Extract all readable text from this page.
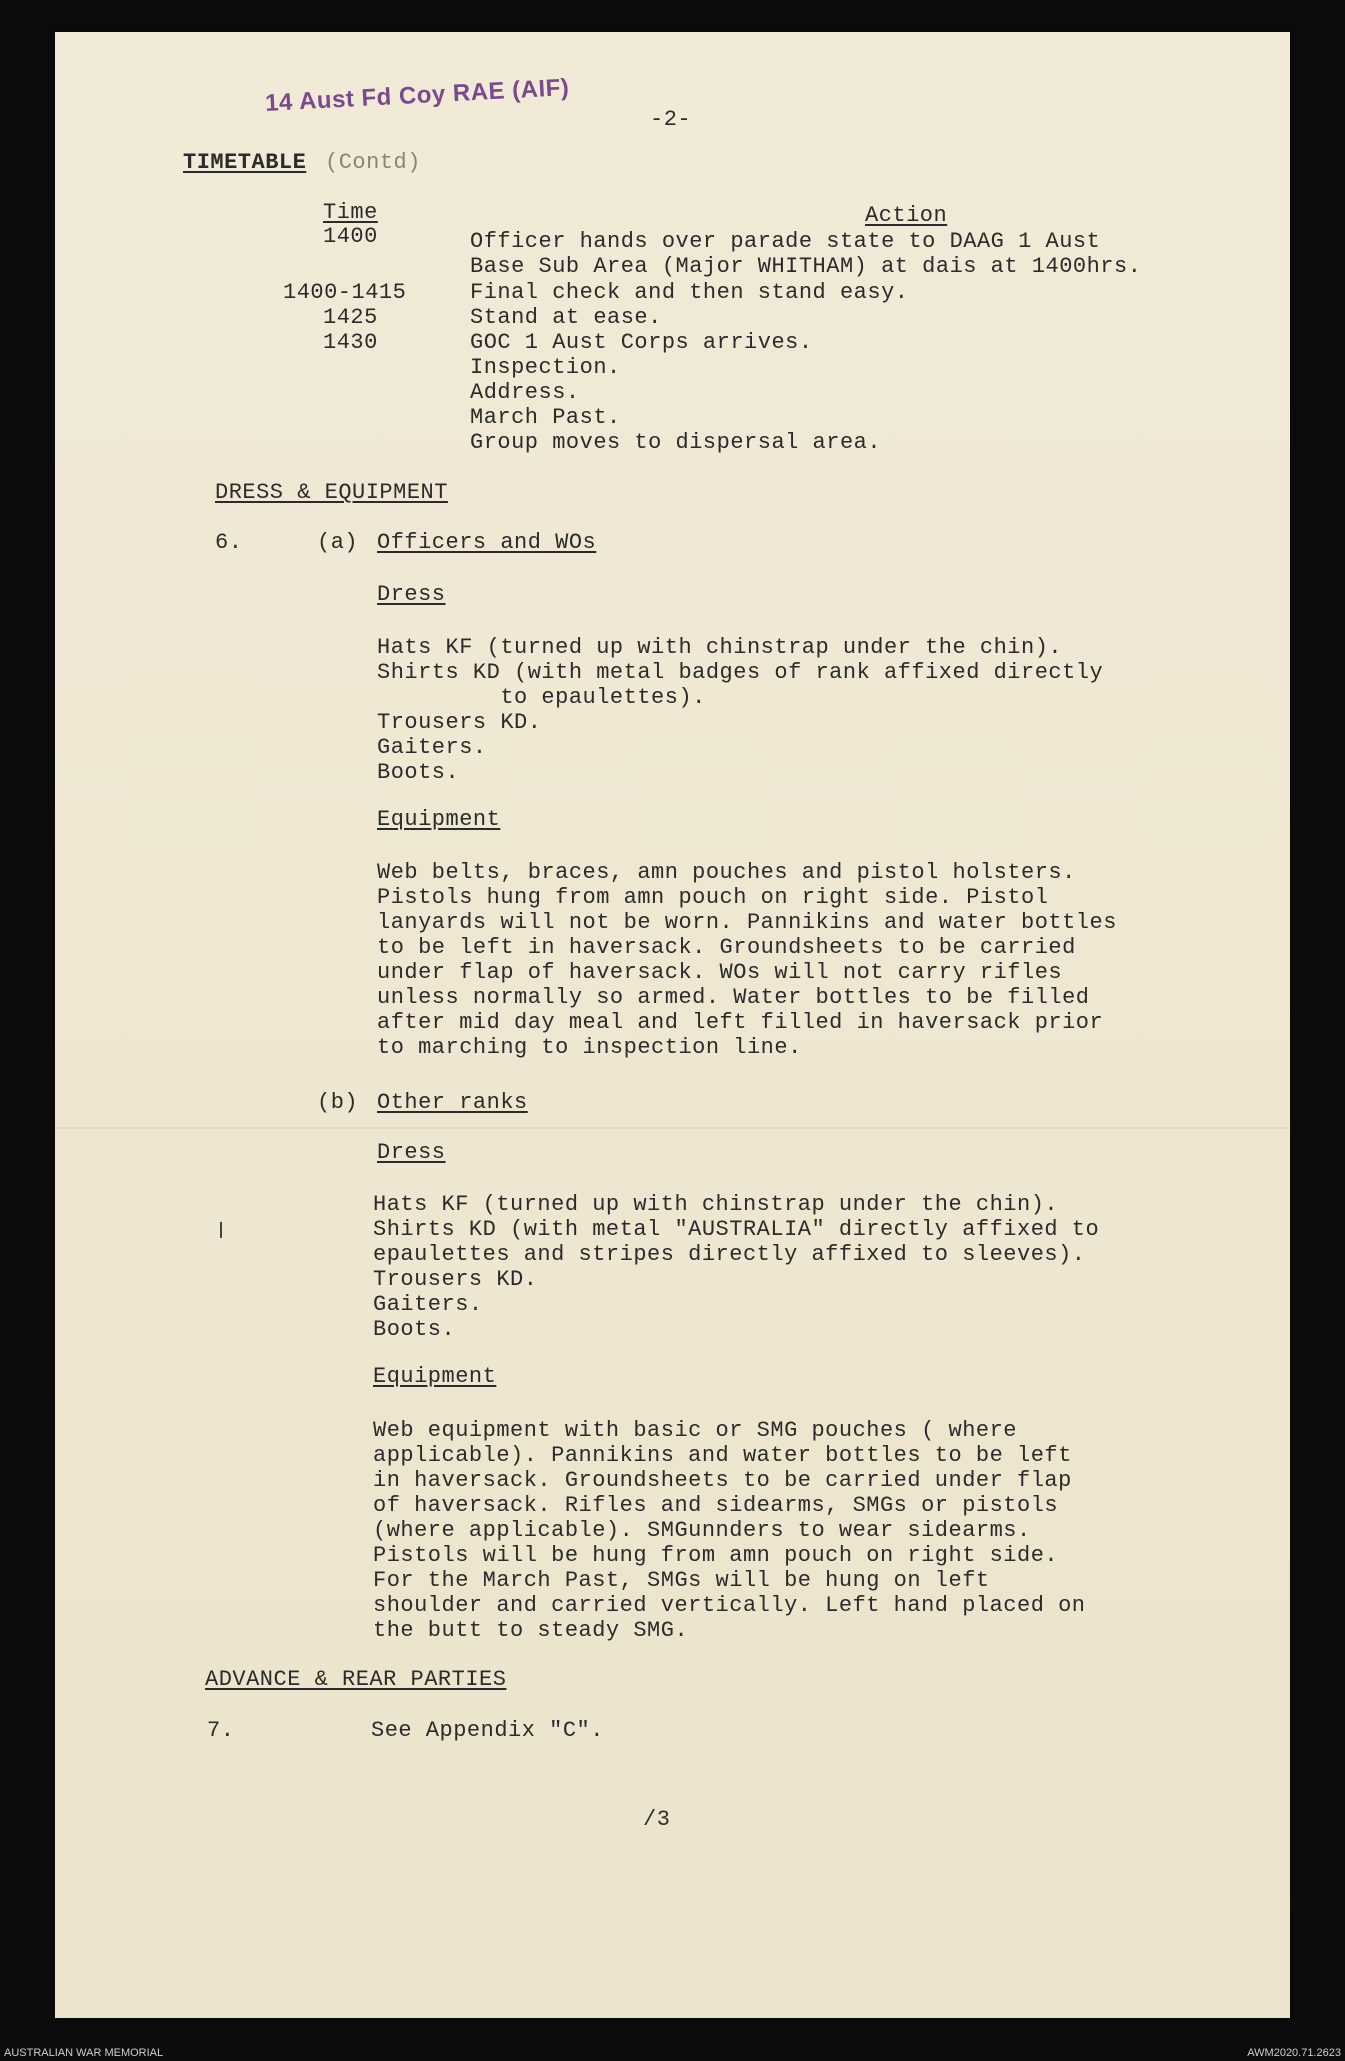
14 Aust Fd Coy RAE (AIF)
-2-
TIMETABLE (Contd)
Time	Action
1400	Officer hands over parade state to DAAG 1 Aust
Base Sub Area (Major WHITHAM) at dais at 1400hrs.
1400-1415	Final check and then stand easy.
1425	Stand at ease.
1430	GOC 1 Aust Corps arrives.
Inspection.
Address.
March Past.
Group moves to dispersal area.
DRESS & EQUIPMENT
6.	(a) Officers and WOs
Dress
Hats KF (turned up with chinstrap under the chin).
Shirts KD (with metal badges of rank affixed directly
to epaulettes).
Trousers KD.
Gaiters.
Boots.
Equipment
Web belts, braces, amn pouches and pistol holsters.
Pistols hung from amn pouch on right side. Pistol
lanyards will not be worn. Pannikins and water bottles
to be left in haversack. Groundsheets to be carried
under flap of haversack. WOs will not carry rifles
unless normally so armed. Water bottles to be filled
after mid day meal and left filled in haversack prior
to marching to inspection line.
(b) Other ranks
Dress
Hats KF (turned up with chinstrap under the chin).
Shirts KD (with metal "AUSTRALIA" directly affixed to
epaulettes and stripes directly affixed to sleeves).
Trousers KD.
Gaiters.
Boots.
Equipment
Web equipment with basic or SMG pouches ( where
applicable). Pannikins and water bottles to be left
in haversack. Groundsheets to be carried under flap
of haversack. Rifles and sidearms, SMGs or pistols
(where applicable). SMGunnders to wear sidearms.
Pistols will be hung from amn pouch on right side.
For the March Past, SMGs will be hung on left
shoulder and carried vertically. Left hand placed on
the butt to steady SMG.
ADVANCE & REAR PARTIES
7.	See Appendix "C".
/3
AUSTRALIAN WAR MEMORIAL	AWM2020.71.2623
